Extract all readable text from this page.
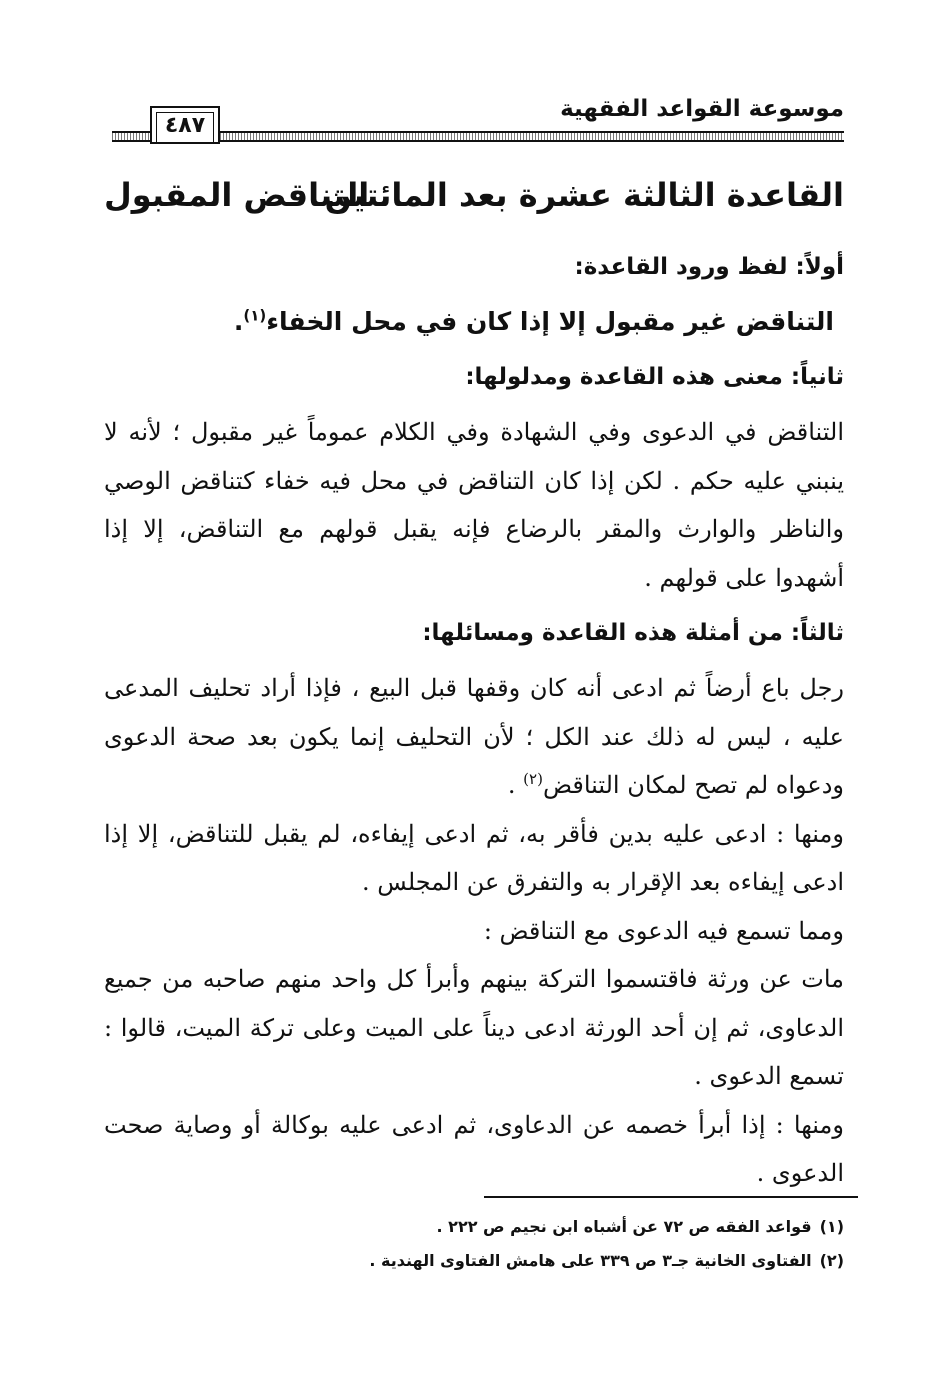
موسوعة القواعد الفقهية
٤٨٧
القاعدة الثالثة عشرة بعد المائتين
التناقض المقبول

أولاً: لفظ ورود القاعدة:

التناقض غير مقبول إلا إذا كان في محل الخفاء$^{(١)}$.

ثانياً: معنى هذه القاعدة ومدلولها:

التناقض في الدعوى وفي الشهادة وفي الكلام عموماً غير مقبول ؛ لأنه لا ينبني عليه حكم . لكن إذا كان التناقض في محل فيه خفاء كتناقض الوصي والناظر والوارث والمقر بالرضاع فإنه يقبل قولهم مع التناقض، إلا إذا أشهدوا على قولهم .

ثالثاً: من أمثلة هذه القاعدة ومسائلها:

رجل باع أرضاً ثم ادعى أنه كان وقفها قبل البيع ، فإذا أراد تحليف المدعى عليه ، ليس له ذلك عند الكل ؛ لأن التحليف إنما يكون بعد صحة الدعوى ودعواه لم تصح لمكان التناقض$^{(٢)}$ .

ومنها : ادعى عليه بدين فأقر به، ثم ادعى إيفاءه، لم يقبل للتناقض، إلا إذا ادعى إيفاءه بعد الإقرار به والتفرق عن المجلس .

ومما تسمع فيه الدعوى مع التناقض :

مات عن ورثة فاقتسموا التركة بينهم وأبرأ كل واحد منهم صاحبه من جميع الدعاوى، ثم إن أحد الورثة ادعى ديناً على الميت وعلى تركة الميت، قالوا : تسمع الدعوى .

ومنها : إذا أبرأ خصمه عن الدعاوى، ثم ادعى عليه بوكالة أو وصاية صحت الدعوى .

(١)قواعد الفقه ص ٧٢ عن أشباه ابن نجيم ص ٢٢٢ .

(٢)الفتاوى الخانية جـ٣ ص ٣٣٩ على هامش الفتاوى الهندية .
